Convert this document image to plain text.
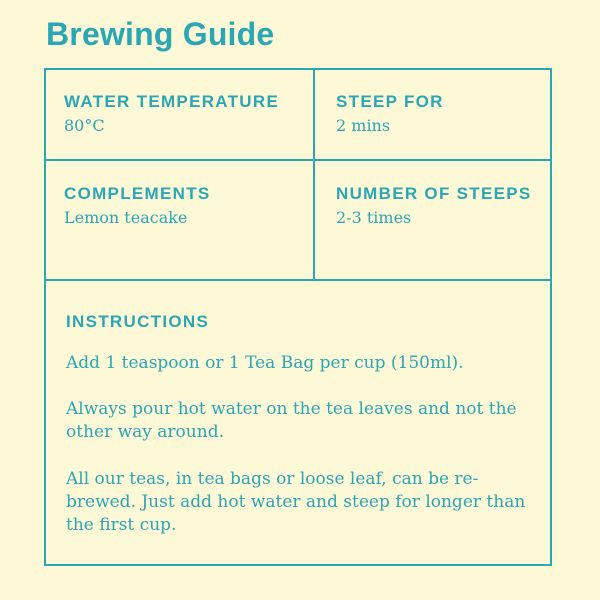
Brewing Guide
WATER TEMPERATURE
80°C
STEEP FOR
2 mins
COMPLEMENTS
Lemon teacake
NUMBER OF STEEPS
2-3 times
INSTRUCTIONS

Add 1 teaspoon or 1 Tea Bag per cup (150ml).

Always pour hot water on the tea leaves and not the other way around.

All our teas, in tea bags or loose leaf, can be re-brewed. Just add hot water and steep for longer than the first cup.
